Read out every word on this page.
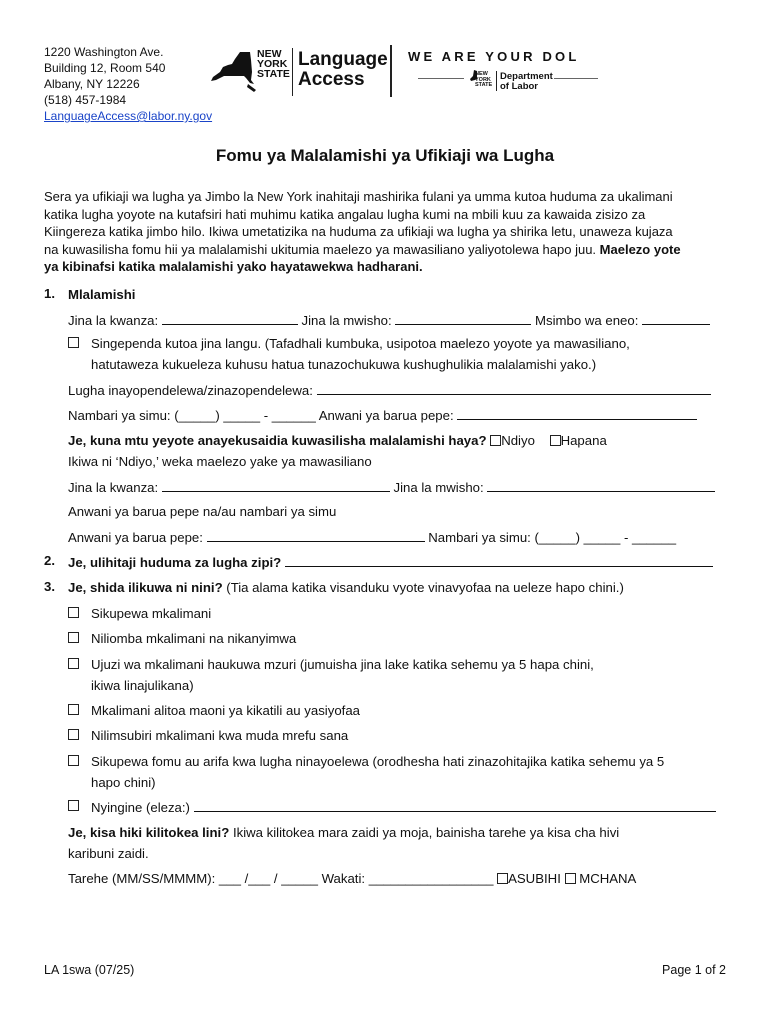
1220 Washington Ave.
Building 12, Room 540
Albany, NY 12226
(518) 457-1984
LanguageAccess@labor.ny.gov
NEW
YORK
STATE
Language
Access
WE ARE YOUR DOL
NEW
YORK
STATE
Department
of Labor
Fomu ya Malalamishi ya Ufikiaji wa Lugha
Sera ya ufikiaji wa lugha ya Jimbo la New York inahitaji mashirika fulani ya umma kutoa huduma za ukalimani
katika lugha yoyote na kutafsiri hati muhimu katika angalau lugha kumi na mbili kuu za kawaida zisizo za
Kiingereza katika jimbo hilo. Ikiwa umetatizika na huduma za ufikiaji wa lugha ya shirika letu, unaweza kujaza
na kuwasilisha fomu hii ya malalamishi ukitumia maelezo ya mawasiliano yaliyotolewa hapo juu. Maelezo yote
ya kibinafsi katika malalamishi yako hayatawekwa hadharani.
1. Mlalamishi
Jina la kwanza:	Jina la mwisho:	Msimbo wa eneo:
Singependa kutoa jina langu. (Tafadhali kumbuka, usipotoa maelezo yoyote ya mawasiliano,
hatutaweza kukueleza kuhusu hatua tunazochukuwa kushughulikia malalamishi yako.)
Lugha inayopendelewa/zinazopendelewa:
Nambari ya simu: (_____) _____ - ______ Anwani ya barua pepe:
Je, kuna mtu yeyote anayekusaidia kuwasilisha malalamishi haya? Ndiyo Hapana
Ikiwa ni ‘Ndiyo,’ weka maelezo yake ya mawasiliano
Jina la kwanza:	Jina la mwisho:
Anwani ya barua pepe na/au nambari ya simu
Anwani ya barua pepe:	Nambari ya simu: (_____) _____ - ______
2. Je, ulihitaji huduma za lugha zipi?
3. Je, shida ilikuwa ni nini? (Tia alama katika visanduku vyote vinavyofaa na ueleze hapo chini.)
Sikupewa mkalimani
Niliomba mkalimani na nikanyimwa
Ujuzi wa mkalimani haukuwa mzuri (jumuisha jina lake katika sehemu ya 5 hapa chini,
ikiwa linajulikana)
Mkalimani alitoa maoni ya kikatili au yasiyofaa
Nilimsubiri mkalimani kwa muda mrefu sana
Sikupewa fomu au arifa kwa lugha ninayoelewa (orodhesha hati zinazohitajika katika sehemu ya 5
hapo chini)
Nyingine (eleza:)
Je, kisa hiki kilitokea lini? Ikiwa kilitokea mara zaidi ya moja, bainisha tarehe ya kisa cha hivi
karibuni zaidi.
Tarehe (MM/SS/MMMM): ___ /___ / _____ Wakati: _________________ ASUBIHI MCHANA
LA 1swa (07/25)	Page 1 of 2
